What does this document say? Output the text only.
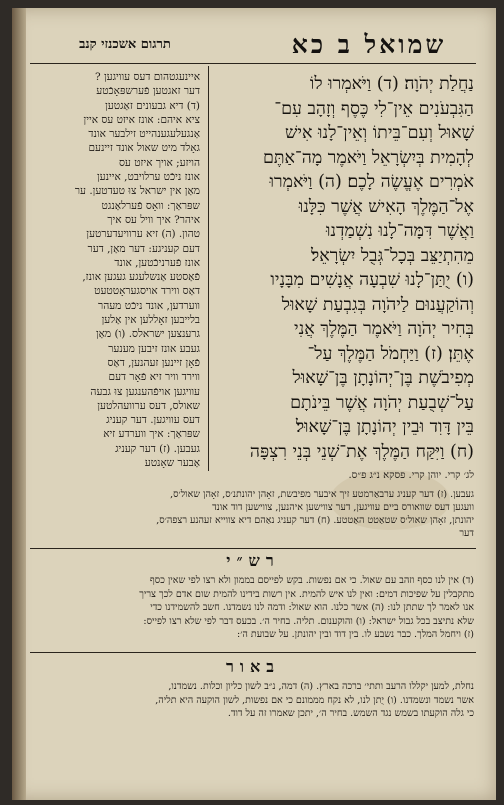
שמואל ב כא
תרגום אשכנזי קנב
נַחֲלַת יְהֹוָה׃ (ד) וַיֹּאמְרוּ לוֹ
הַגִּבְעֹנִים אֵין־לִי כֶּסֶף וְזָהָב עִם־
שָׁאוּל וְעִם־בֵּיתוֹ וְאֵין־לָנוּ אִישׁ
לְהָמִית בְּיִשְׂרָאֵל וַיֹּאמֶר מָה־אַתֶּם
אֹמְרִים אֶעֱשֶׂה לָכֶם׃ (ה) וַיֹּאמְרוּ
אֶל־הַמֶּלֶךְ הָאִישׁ אֲשֶׁר כִּלָּנוּ
וַאֲשֶׁר דִּמָּה־לָנוּ נִשְׁמַדְנוּ
מֵהִתְיַצֵּב בְּכָל־גְּבֻל יִשְׂרָאֵל׃
(ו) יֻתַּן־לָנוּ שִׁבְעָה אֲנָשִׁים מִבָּנָיו
וְהוֹקַעֲנוּם לַיהֹוָה בְּגִבְעַת שָׁאוּל
בְּחִיר יְהֹוָה וַיֹּאמֶר הַמֶּלֶךְ אֲנִי
אֶתֵּן׃ (ז) וַיַּחְמֹל הַמֶּלֶךְ עַל־
מְפִיבֹשֶׁת בֶּן־יְהוֹנָתָן בֶּן־שָׁאוּל
עַל־שְׁבֻעַת יְהֹוָה אֲשֶׁר בֵּינֹתָם
בֵּין דָּוִד וּבֵין יְהוֹנָתָן בֶּן־שָׁאוּל׃
(ח) וַיִּקַּח הַמֶּלֶךְ אֶת־שְׁנֵי בְּנֵי רִצְפָּה
לג׳ קרי. יוהן קרי. פסקא נ״ג פ״ס.
איינעגטהום דעס עוויגען ?
דער זאגטען פֿערשפּאָכֿטע
(ד) דיא גבעונים זאַגטען
ציא איהם: אונז איזט עס איין
אַנגעלעגענהייט זילבער אונד
גאָלד מיט שאול אונד זיינעם
הויזע; אויך איזט עס
אונז ניכֿט ערלויבט, איינען
מאַן אין ישראל צוּ טעדטען. ער
שפּראַך: וואָס פֿערלאַנגט
איהר? איך וויל עס איך
טהון. (ה) זיא ערוויעדערטען
דעם קעניגע: דער מאַן, דער
אונז פֿערניכֿטען, אונד
פֿאַסטע אַנשלעגע געגען אונז,
דאַס ווירד אויסגעראָטטעט
ווערדען, אונד ניכֿט מעהר
בלייבען זאָללען אין אַלען
גרענצען ישראלס. (ו) מאַן
געבע אונז זיבען מענער
פֿאָן זיינען זעהנען, דאַס
ווירד וויר זיא פֿאָר דעם
עוויגען אויפֿהענגען צוּ גבעה
שאולס, דעס ערוועהלטען
דעס עוויגען. דער קעניג
שפּראַך: איך ווערדע זיא
געבען. (ז) דער קעניג
אַבער שאָנטע
געבען. (ז) דער קעניג ערבאַרמטע זיך איבער מפיבשת, זאָהן יהונתנ׳ס, זאָהן שאול׳ס,
וועגען דעס שוואורס ביים עוויגען, דער צווישען איהנען, צווישען דוד אונד
יהונתן, זאָהן שאול׳ס שטאַטט האַטטע. (ח) דער קעניג נאַהם דיא צווייא זעהנע רצפה׳ס,
דער
רש״י
(ד) אין לנו כסף וזהב עם שאול. כי אם נפשות. בקש לפייסם בממון ולא רצו לפי שאין כסף
מתקבלין על שפיכות דמים: ואין לנו איש להמית. אין רשות בידינו להמית שום אדם לכך צריך
אנו לאמר לך שתתן לנו: (ה) אשר כלנו. הוא שאול: ודמה לנו נשמדנו. חשב להשמידנו כדי
שלא נתיצב בכל גבול ישראל: (ו) והוקענום. תליה. בחיר ה׳. בכעס דבר לפי שלא רצו לפייס:
(ז) ויחמל המלך. כבר נשבע לו. בין דוד ובין יהונתן. על שבועת ה׳:
באור
נחלת, למען יקללו הרעב ותתי׳ ברכה בארץ. (ה) דמה, נ״ב לשון כליון וכלות. נשמדנו,
אשר נשמד ונשמדנו. (ו) יֻתן לנו, לא נקח מממונם כי אם נפשות, לשון הוקעה היא תליה,
כי גלה הוקעתו בשמש נגד השמש. בחיר ה׳, יתכן שאמרו זה על דוד.
